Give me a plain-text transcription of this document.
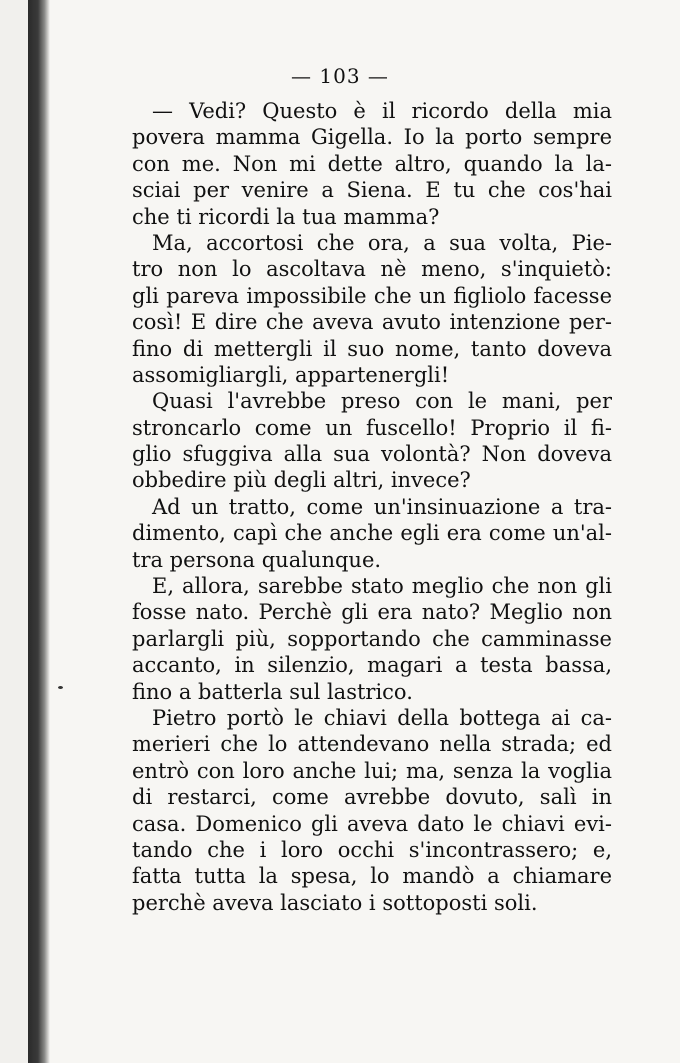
— 103 —
— Vedi? Questo è il ricordo della mia
povera mamma Gigella. Io la porto sempre
con me. Non mi dette altro, quando la la-
sciai per venire a Siena. E tu che cos'hai
che ti ricordi la tua mamma?
Ma, accortosi che ora, a sua volta, Pie-
tro non lo ascoltava nè meno, s'inquietò:
gli pareva impossibile che un figliolo facesse
così! E dire che aveva avuto intenzione per-
fino di mettergli il suo nome, tanto doveva
assomigliargli, appartenergli!
Quasi l'avrebbe preso con le mani, per
stroncarlo come un fuscello! Proprio il fi-
glio sfuggiva alla sua volontà? Non doveva
obbedire più degli altri, invece?
Ad un tratto, come un'insinuazione a tra-
dimento, capì che anche egli era come un'al-
tra persona qualunque.
E, allora, sarebbe stato meglio che non gli
fosse nato. Perchè gli era nato? Meglio non
parlargli più, sopportando che camminasse
accanto, in silenzio, magari a testa bassa,
fino a batterla sul lastrico.
Pietro portò le chiavi della bottega ai ca-
merieri che lo attendevano nella strada; ed
entrò con loro anche lui; ma, senza la voglia
di restarci, come avrebbe dovuto, salì in
casa. Domenico gli aveva dato le chiavi evi-
tando che i loro occhi s'incontrassero; e,
fatta tutta la spesa, lo mandò a chiamare
perchè aveva lasciato i sottoposti soli.
